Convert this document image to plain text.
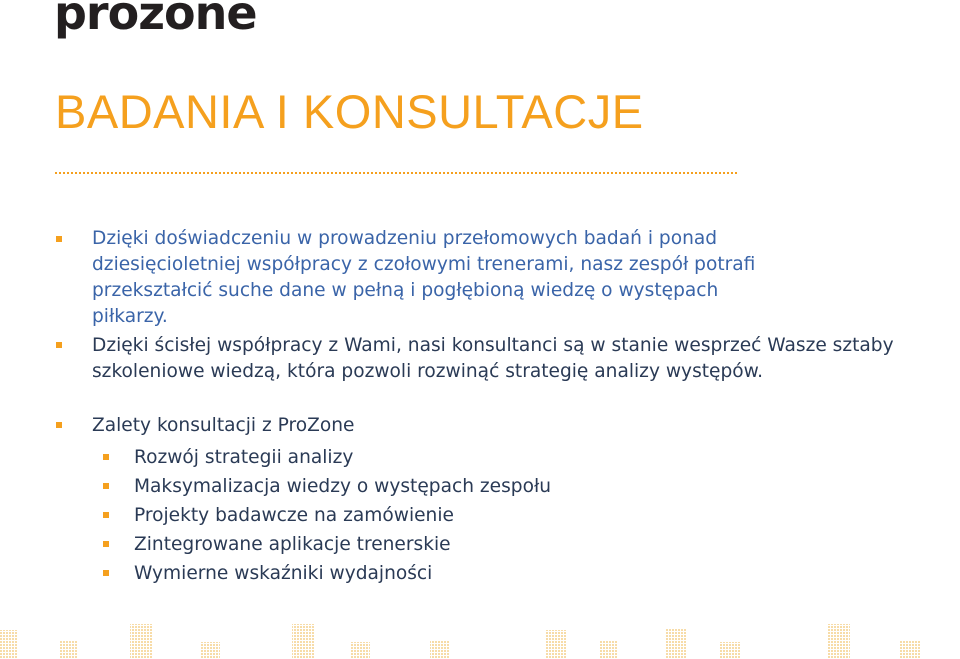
prozone
BADANIA I KONSULTACJE
Dzięki doświadczeniu w prowadzeniu przełomowych badań i ponad dziesięcioletniej współpracy z czołowymi trenerami, nasz zespół potrafi przekształcić suche dane w pełną i pogłębioną wiedzę o występach piłkarzy.
Dzięki ścisłej współpracy z Wami, nasi konsultanci są w stanie wesprzeć Wasze sztaby szkoleniowe wiedzą, która pozwoli rozwinąć strategię analizy występów.
Zalety konsultacji z ProZone
Rozwój strategii analizy
Maksymalizacja wiedzy o występach zespołu
Projekty badawcze na zamówienie
Zintegrowane aplikacje trenerskie
Wymierne wskaźniki wydajności
